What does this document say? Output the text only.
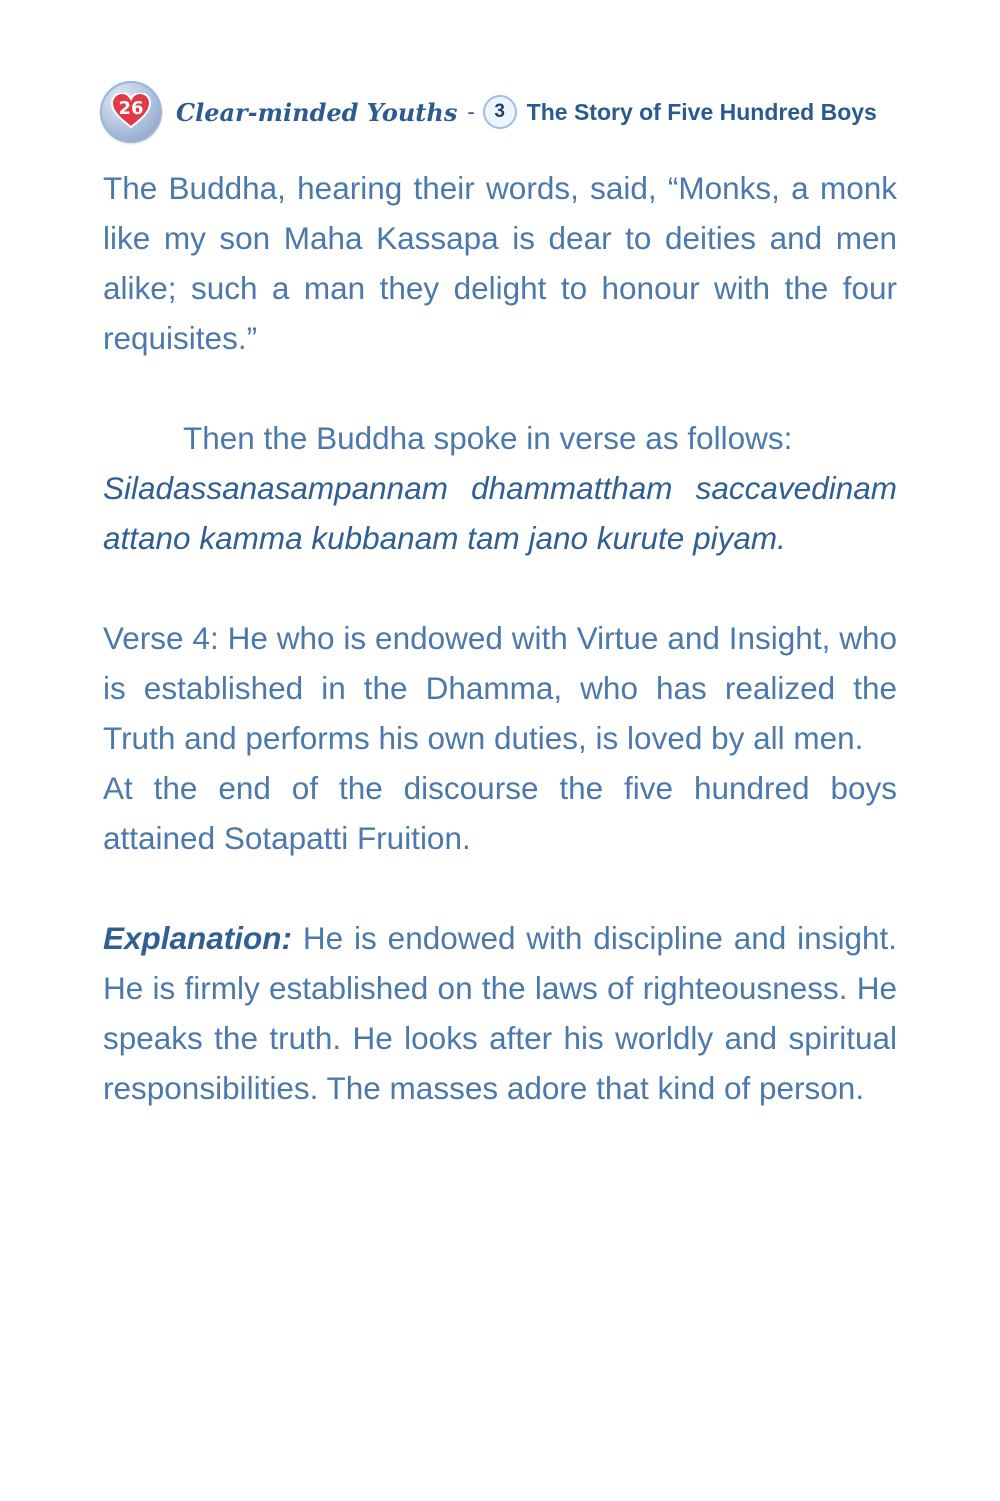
26	Clear-minded Youths -	3 The Story of Five Hundred Boys

The Buddha, hearing their words, said, “Monks, a monk like my son Maha Kassapa is dear to deities and men alike; such a man they delight to honour with the four requisites.”

Then the Buddha spoke in verse as follows:

Siladassanasampannam dhammattham saccavedinam

attano kamma kubbanam tam jano kurute piyam.

Verse 4: He who is endowed with Virtue and Insight, who is established in the Dhamma, who has realized the Truth and performs his own duties, is loved by all men.

At the end of the discourse the five hundred boys attained Sotapatti Fruition.

Explanation: He is endowed with discipline and insight. He is firmly established on the laws of righteousness. He speaks the truth. He looks after his worldly and spiritual responsibilities. The masses adore that kind of person.
